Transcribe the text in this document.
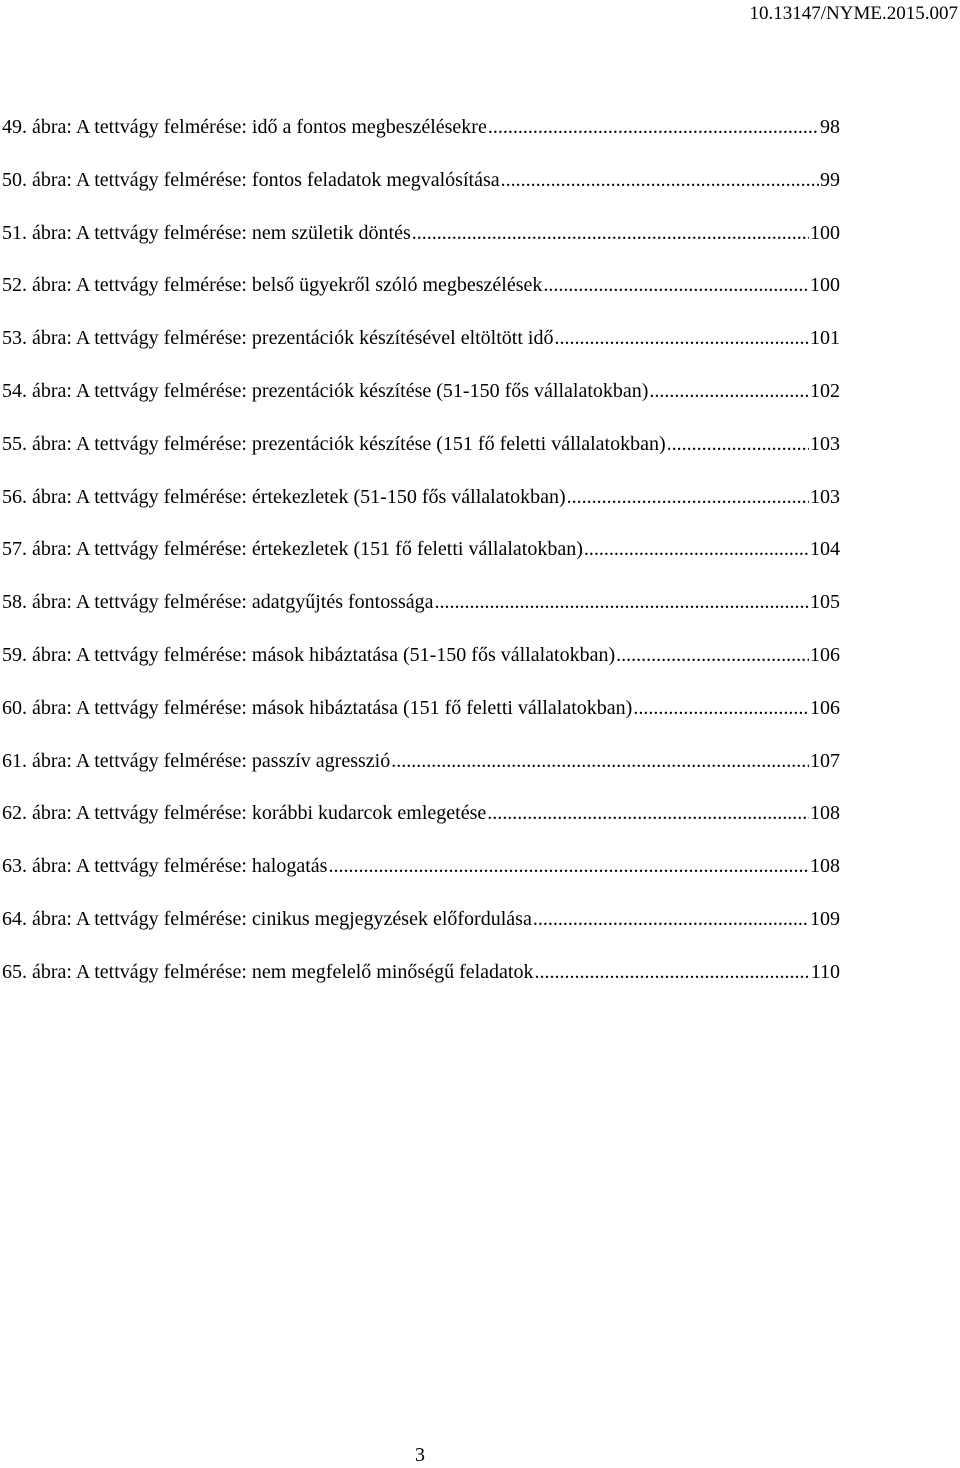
10.13147/NYME.2015.007
49. ábra: A tettvágy felmérése: idő a fontos megbeszélésekre .....	98
50. ábra: A tettvágy felmérése: fontos feladatok megvalósítása .....	99
51. ábra: A tettvágy felmérése: nem születik döntés .....	100
52. ábra: A tettvágy felmérése: belső ügyekről szóló megbeszélések .....	100
53. ábra: A tettvágy felmérése: prezentációk készítésével eltöltött idő .....	101
54. ábra: A tettvágy felmérése: prezentációk készítése (51-150 fős vállalatokban) .....	102
55. ábra: A tettvágy felmérése: prezentációk készítése (151 fő feletti vállalatokban) .....	103
56. ábra: A tettvágy felmérése: értekezletek (51-150 fős vállalatokban) .....	103
57. ábra: A tettvágy felmérése: értekezletek (151 fő feletti vállalatokban) .....	104
58. ábra: A tettvágy felmérése: adatgyűjtés fontossága .....	105
59. ábra: A tettvágy felmérése: mások hibáztatása (51-150 fős vállalatokban) .....	106
60. ábra: A tettvágy felmérése: mások hibáztatása (151 fő feletti vállalatokban) .....	106
61. ábra: A tettvágy felmérése: passzív agresszió .....	107
62. ábra: A tettvágy felmérése: korábbi kudarcok emlegetése .....	108
63. ábra: A tettvágy felmérése: halogatás .....	108
64. ábra: A tettvágy felmérése: cinikus megjegyzések előfordulása .....	109
65. ábra: A tettvágy felmérése: nem megfelelő minőségű feladatok .....	110
3
